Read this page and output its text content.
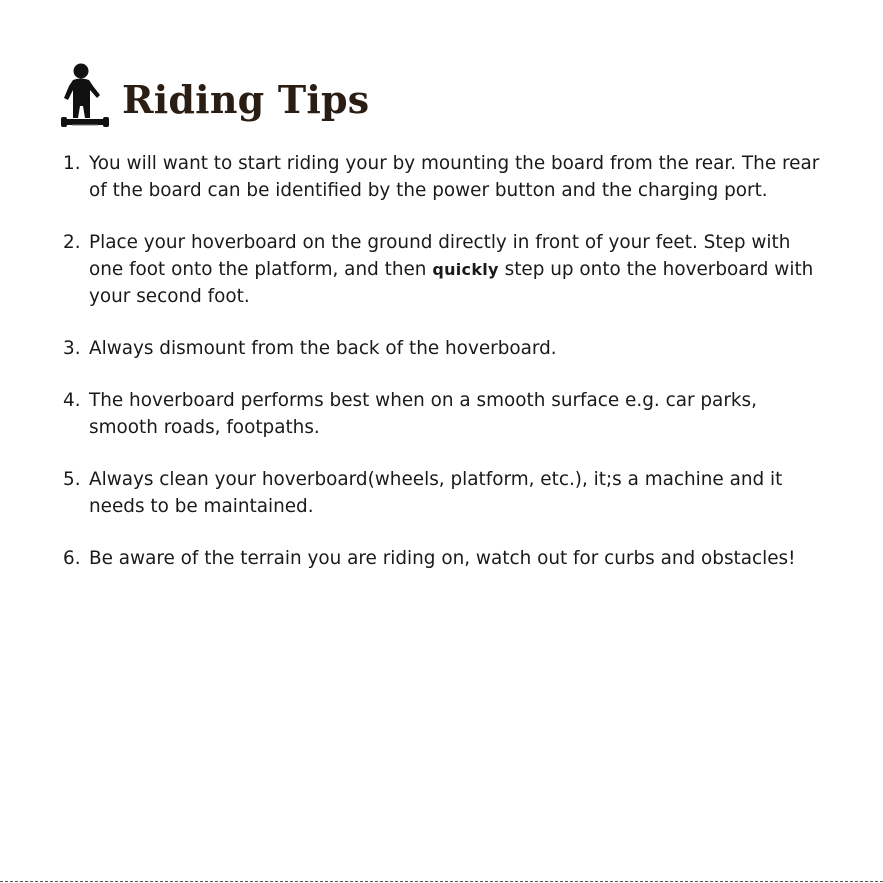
Riding Tips
1. You will want to start riding your by mounting the board from the rear. The rear of the board can be identified by the power button and the charging port.
2. Place your hoverboard on the ground directly in front of your feet. Step with one foot onto the platform, and then quickly step up onto the hoverboard with your second foot.
3. Always dismount from the back of the hoverboard.
4. The hoverboard performs best when on a smooth surface e.g. car parks, smooth roads, footpaths.
5. Always clean your hoverboard(wheels, platform, etc.), it;s a machine and it needs to be maintained.
6. Be aware of the terrain you are riding on, watch out for curbs and obstacles!
